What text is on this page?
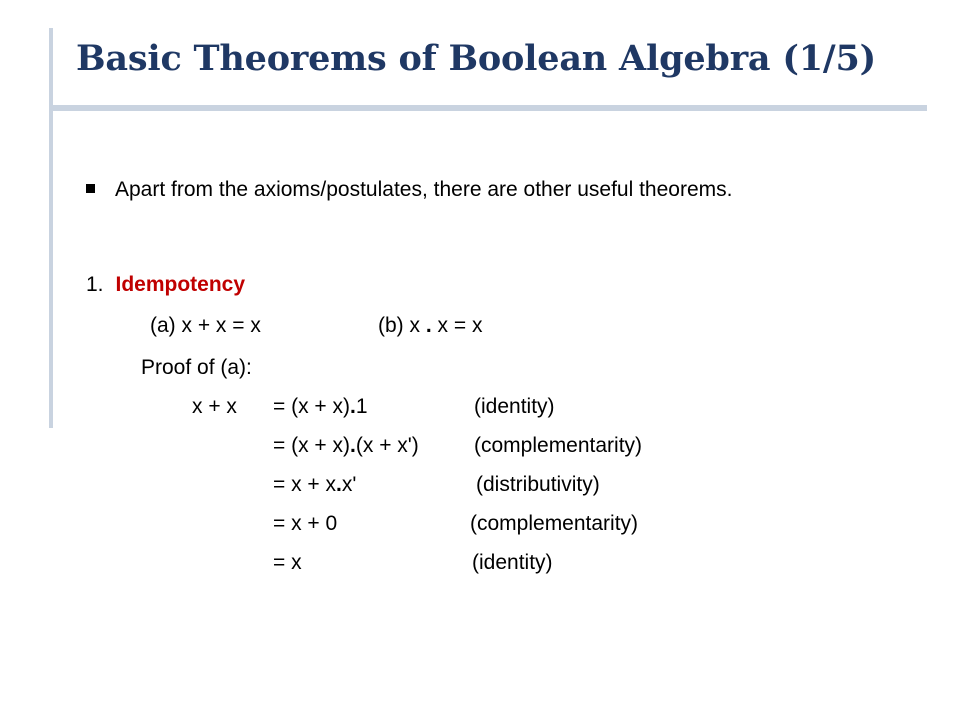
Basic Theorems of Boolean Algebra (1/5)
Apart from the axioms/postulates, there are other useful theorems.
1. Idempotency
(a) x + x = x	(b) x . x = x
Proof of (a):
x + x = (x + x).1	(identity)
= (x + x).(x + x')	(complementarity)
= x + x.x'	(distributivity)
= x + 0	(complementarity)
= x	(identity)
